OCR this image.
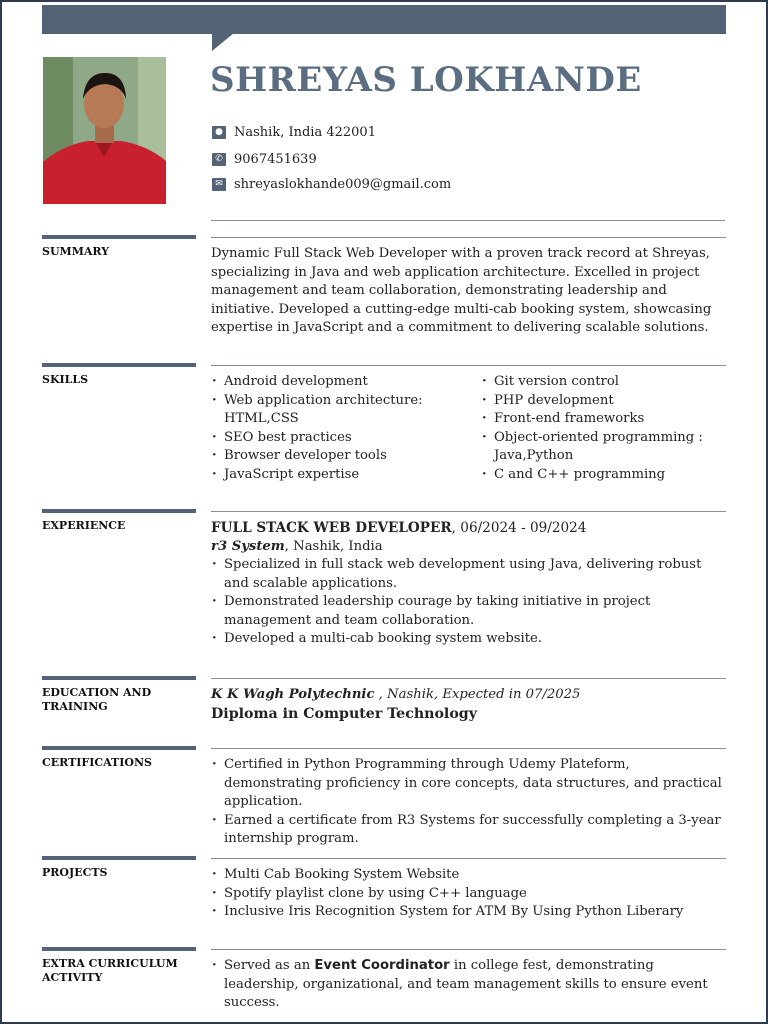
SHREYAS LOKHANDE
● Nashik, India 422001
✆ 9067451639
✉ shreyaslokhande009@gmail.com
SUMMARY	Dynamic Full Stack Web Developer with a proven track record at Shreyas, specializing in Java and web application architecture. Excelled in project management and team collaboration, demonstrating leadership and initiative. Developed a cutting-edge multi-cab booking system, showcasing expertise in JavaScript and a commitment to delivering scalable solutions.
SKILLS	· Android development
· Web application architecture: HTML,CSS
· SEO best practices
· Browser developer tools
· JavaScript expertise
· Git version control
· PHP development
· Front-end frameworks
· Object-oriented programming : Java,Python
· C and C++ programming
EXPERIENCE	FULL STACK WEB DEVELOPER, 06/2024 - 09/2024
r3 System, Nashik, India
· Specialized in full stack web development using Java, delivering robust and scalable applications.
· Demonstrated leadership courage by taking initiative in project management and team collaboration.
· Developed a multi-cab booking system website.
EDUCATION AND TRAINING
K K Wagh Polytechnic , Nashik, Expected in 07/2025
Diploma in Computer Technology
CERTIFICATIONS	· Certified in Python Programming through Udemy Plateform, demonstrating proficiency in core concepts, data structures, and practical application.
· Earned a certificate from R3 Systems for successfully completing a 3-year internship program.
PROJECTS	· Multi Cab Booking System Website
· Spotify playlist clone by using C++ language
· Inclusive Iris Recognition System for ATM By Using Python Liberary
EXTRA CURRICULUM ACTIVITY
· Served as an Event Coordinator in college fest, demonstrating leadership, organizational, and team management skills to ensure event success.
